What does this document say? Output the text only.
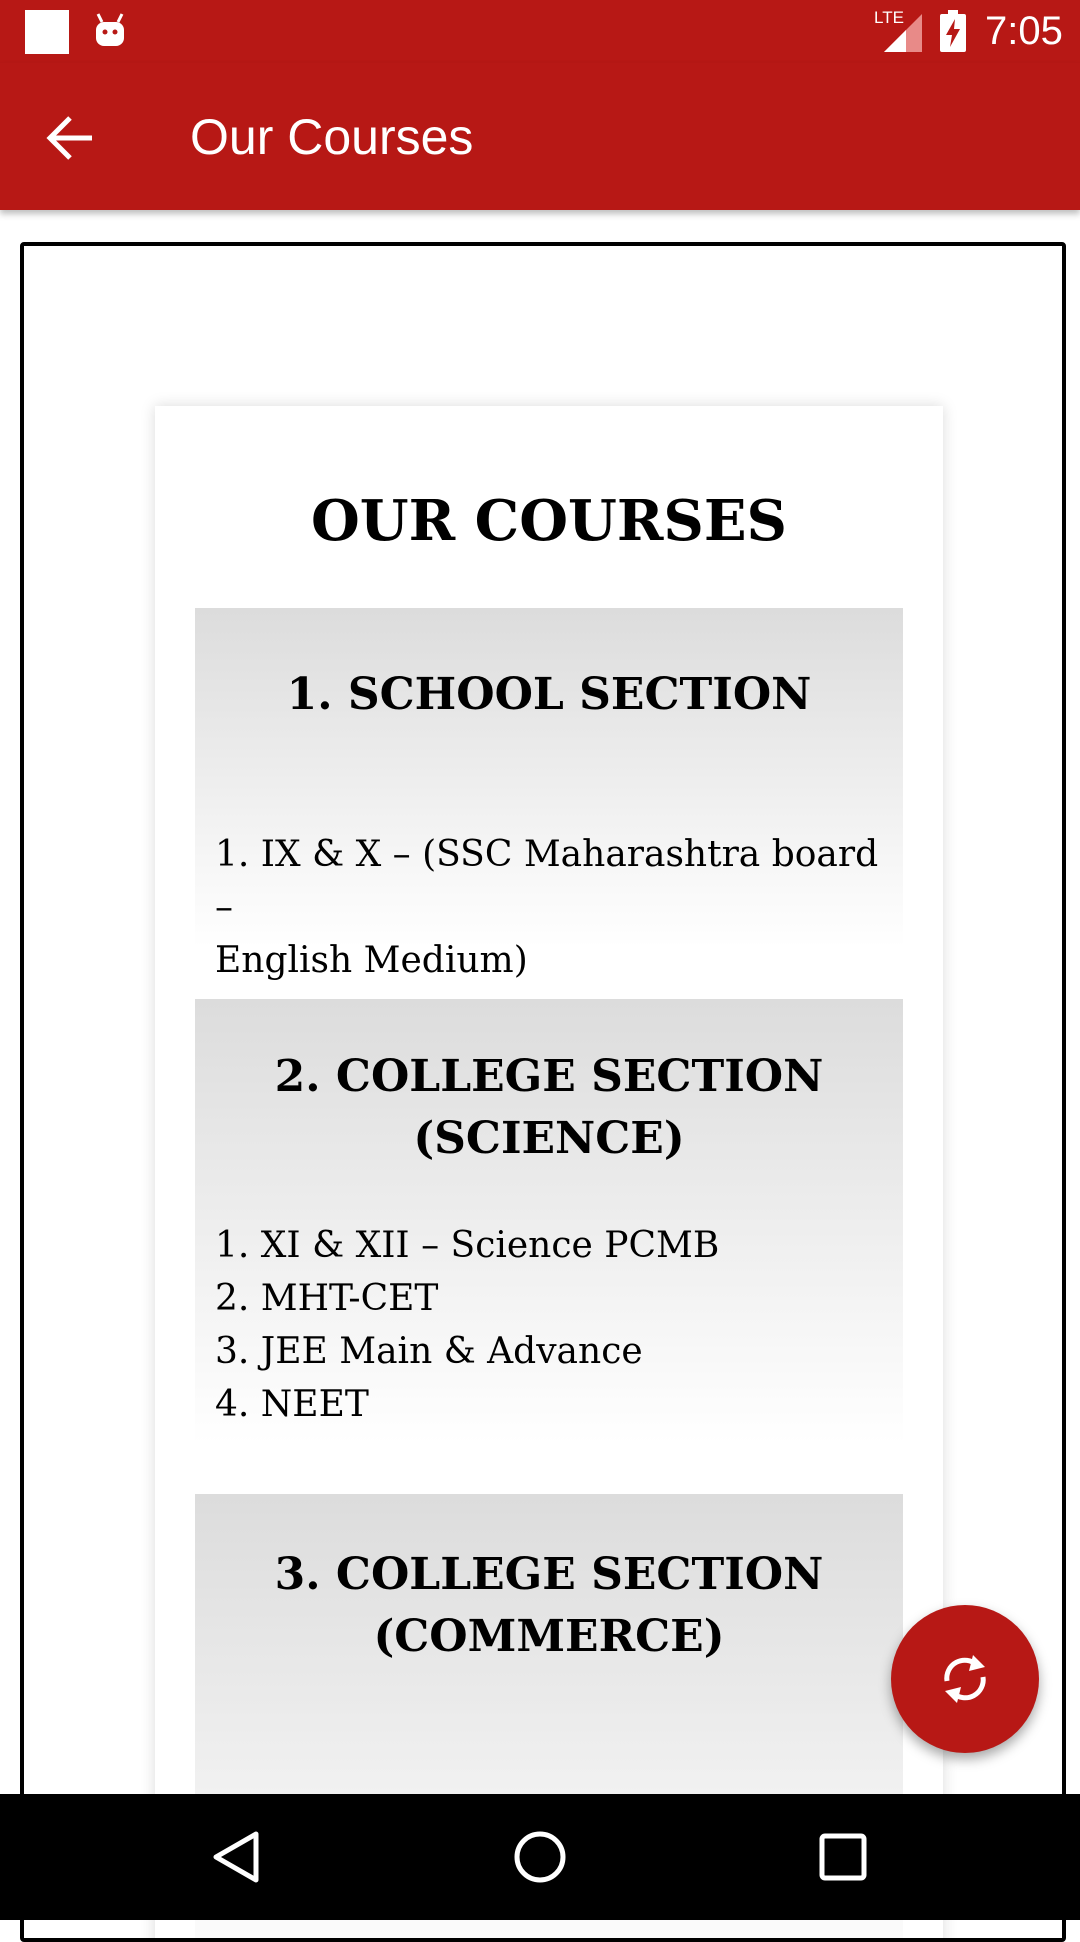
LTE 7:05
Our Courses
OUR COURSES
1. SCHOOL SECTION
1. IX & X – (SSC Maharashtra board –
English Medium)
2. COLLEGE SECTION (SCIENCE)
1. XI & XII – Science PCMB
2. MHT-CET
3. JEE Main & Advance
4. NEET
3. COLLEGE SECTION
(COMMERCE)
